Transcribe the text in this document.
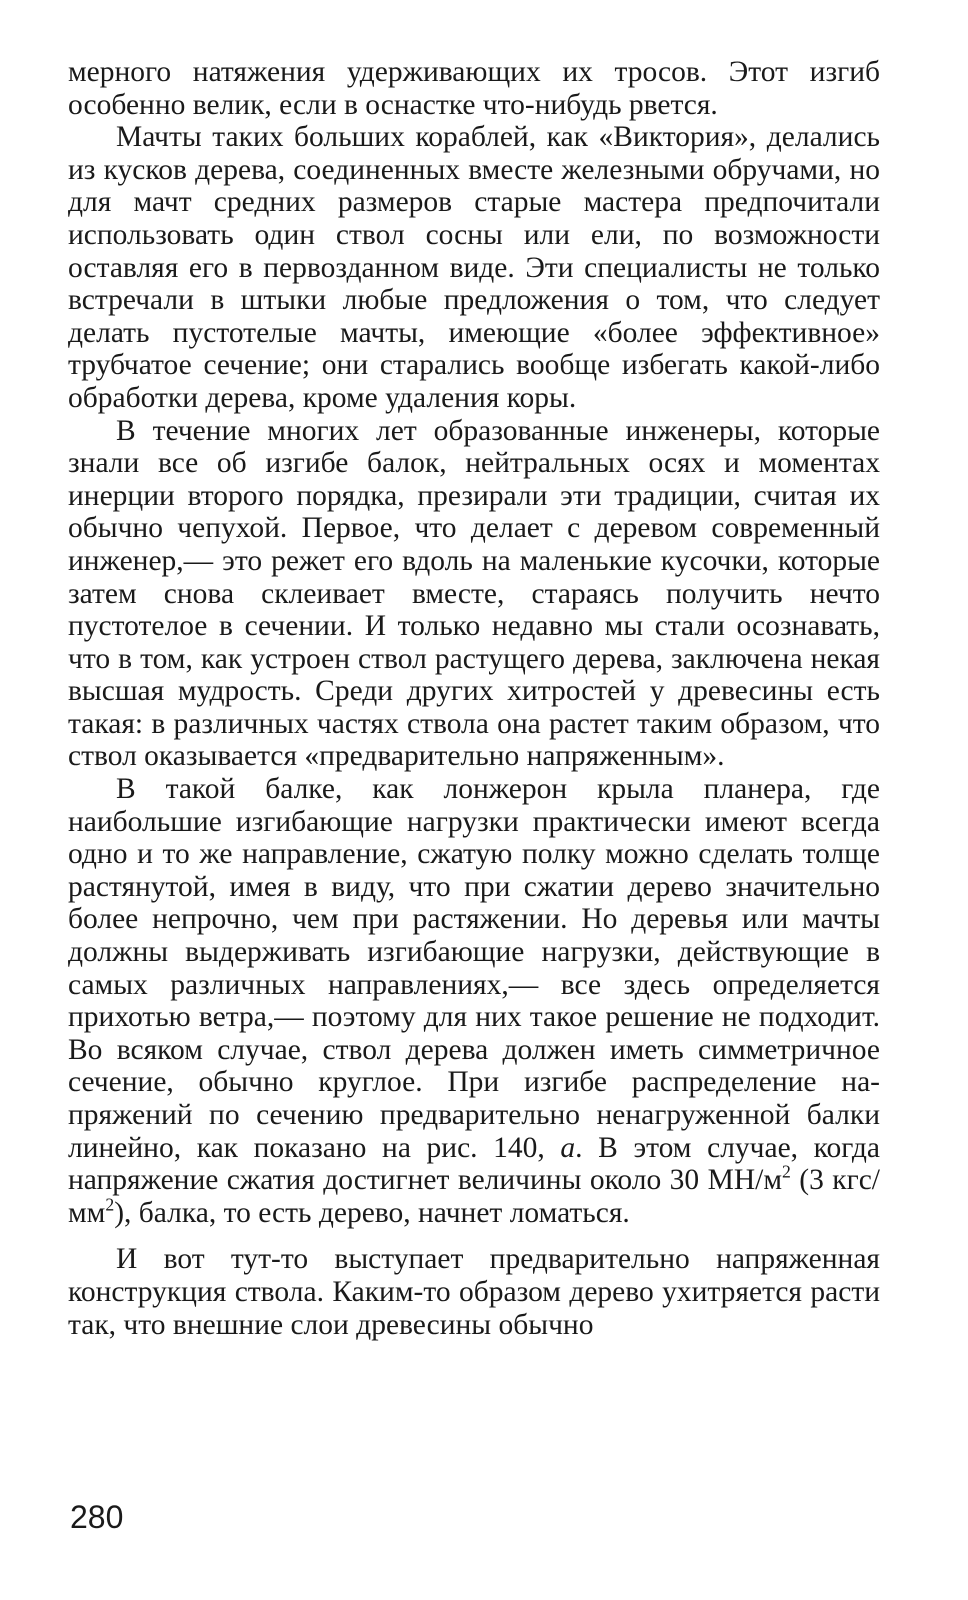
мерного натяжения удерживающих их тросов. Этот изгиб особенно велик, если в оснастке что-нибудь рвется.

Мачты таких больших кораблей, как «Виктория», делались из кусков дерева, соединенных вместе железными обручами, но для мачт средних размеров старые мастера предпочитали использовать один ствол сосны или ели, по возможности оставляя его в первозданном виде. Эти специалисты не только встречали в штыки любые предложения о том, что следует делать пустотелые мачты, имеющие «более эффективное» трубчатое сечение; они старались вообще избегать какой-либо обработки дерева, кроме удаления коры.

В течение многих лет образованные инженеры, которые знали все об изгибе балок, нейтральных осях и моментах инерции второго порядка, презирали эти традиции, считая их обычно чепухой. Первое, что делает с деревом современный инженер,— это режет его вдоль на маленькие кусочки, которые затем снова склеивает вместе, стараясь получить нечто пустотелое в сечении. И только недавно мы стали осознавать, что в том, как устроен ствол растущего дерева, заключена некая высшая мудрость. Среди других хитростей у древесины есть такая: в различных частях ствола она растет таким образом, что ствол оказывается «предварительно напряженным».

В такой балке, как лонжерон крыла планера, где наибольшие изгибающие нагрузки практически имеют всегда одно и то же направление, сжатую полку можно сделать толще растянутой, имея в виду, что при сжатии дерево значительно более непрочно, чем при растяжении. Но деревья или мачты должны выдерживать изгибающие нагрузки, действующие в самых различных направлениях,— все здесь определяется прихотью ветра,— поэтому для них такое решение не подходит. Во всяком случае, ствол дерева должен иметь симметричное сечение, обычно круглое. При изгибе распределение напряжений по сечению предварительно ненагруженной балки линейно, как показано на рис. 140, а. В этом случае, когда напряжение сжатия достигнет величины около 30 $МН/м^2$ (3 кгс/$мм^2$), балка, то есть дерево, начнет ломаться.

И вот тут-то выступает предварительно напряженная конструкция ствола. Каким-то образом дерево ухитряется расти так, что внешние слои древесины обычно

280
